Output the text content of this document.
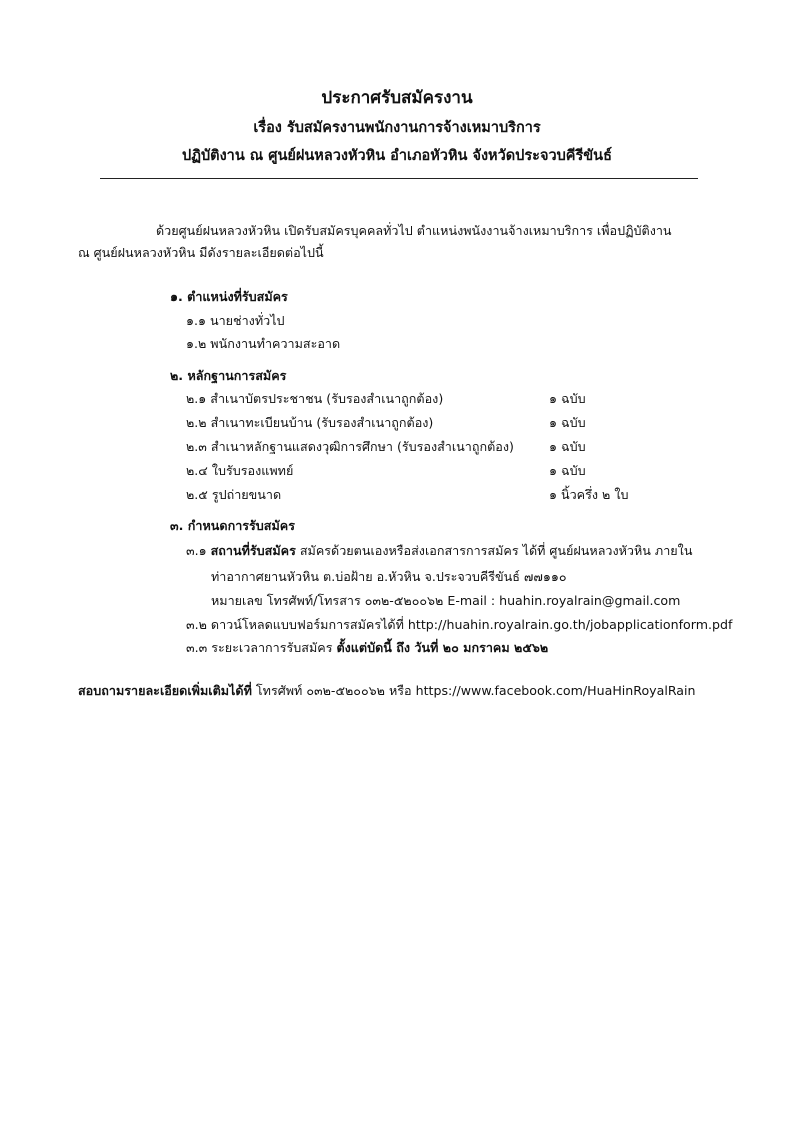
ประกาศรับสมัครงาน
เรื่อง รับสมัครงานพนักงานการจ้างเหมาบริการ
ปฏิบัติงาน ณ ศูนย์ฝนหลวงหัวหิน อำเภอหัวหิน จังหวัดประจวบคีรีขันธ์
ด้วยศูนย์ฝนหลวงหัวหิน เปิดรับสมัครบุคคลทั่วไป ตำแหน่งพนังงานจ้างเหมาบริการ เพื่อปฏิบัติงาน
ณ ศูนย์ฝนหลวงหัวหิน มีดังรายละเอียดต่อไปนี้
๑. ตำแหน่งที่รับสมัคร
๑.๑ นายช่างทั่วไป
๑.๒ พนักงานทำความสะอาด
๒. หลักฐานการสมัคร
๒.๑ สำเนาบัตรประชาชน (รับรองสำเนาถูกต้อง)	๑ ฉบับ
๒.๒ สำเนาทะเบียนบ้าน (รับรองสำเนาถูกต้อง)	๑ ฉบับ
๒.๓ สำเนาหลักฐานแสดงวุฒิการศึกษา (รับรองสำเนาถูกต้อง)	๑ ฉบับ
๒.๔ ใบรับรองแพทย์	๑ ฉบับ
๒.๕ รูปถ่ายขนาด	๑ นิ้วครึ่ง ๒ ใบ
๓. กำหนดการรับสมัคร
๓.๑ สถานที่รับสมัคร สมัครด้วยตนเองหรือส่งเอกสารการสมัคร ได้ที่ ศูนย์ฝนหลวงหัวหิน ภายใน
ท่าอากาศยานหัวหิน ต.บ่อฝ้าย อ.หัวหิน จ.ประจวบคีรีขันธ์ ๗๗๑๑๐
หมายเลข โทรศัพท์/โทรสาร ๐๓๒-๕๒๐๐๖๒ E-mail : huahin.royalrain@gmail.com
๓.๒ ดาวน์โหลดแบบฟอร์มการสมัครได้ที่ http://huahin.royalrain.go.th/jobapplicationform.pdf
๓.๓ ระยะเวลาการรับสมัคร ตั้งแต่บัดนี้ ถึง วันที่ ๒๐ มกราคม ๒๕๖๒
สอบถามรายละเอียดเพิ่มเติมได้ที่ โทรศัพท์ ๐๓๒-๕๒๐๐๖๒ หรือ https://www.facebook.com/HuaHinRoyalRain
